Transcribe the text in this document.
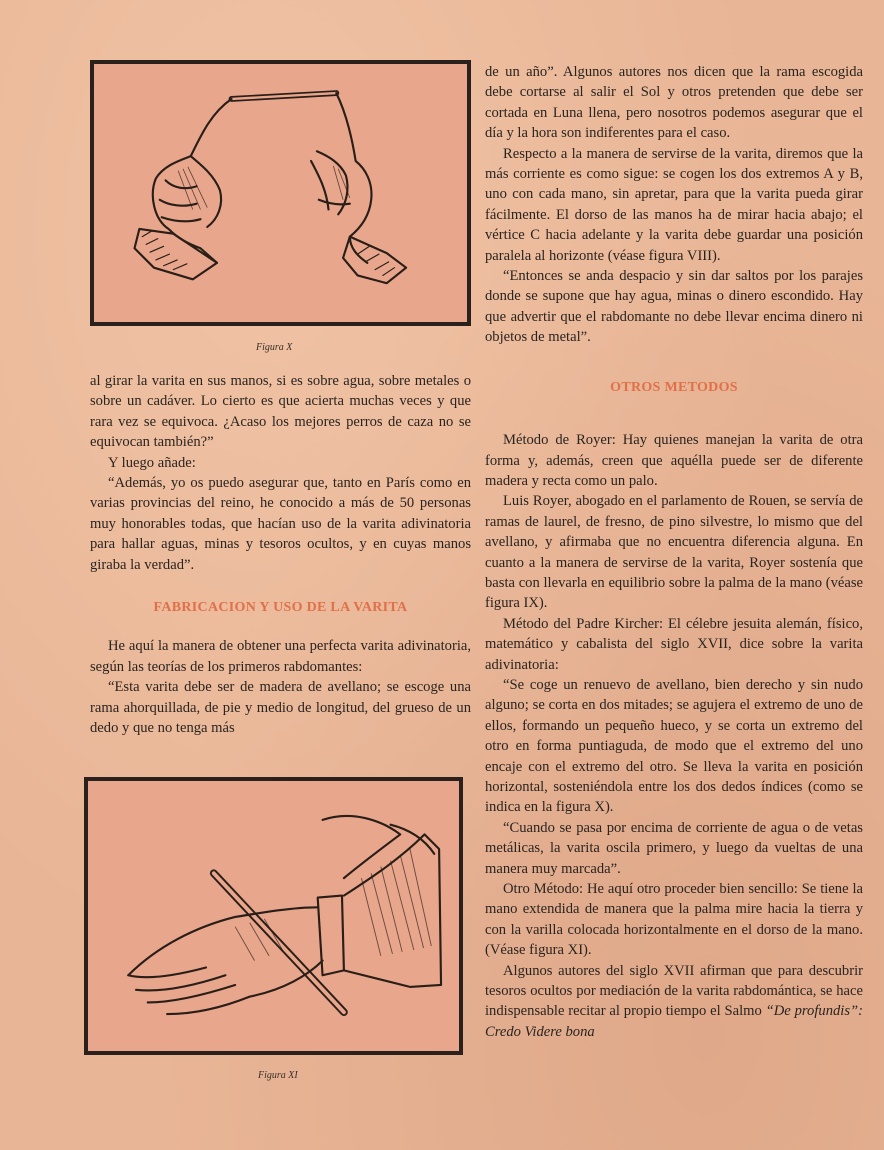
Figura X
Figura XI

al girar la varita en sus manos, si es sobre agua, sobre metales o sobre un cadáver. Lo cierto es que acierta muchas veces y que rara vez se equivoca. ¿Acaso los mejores perros de caza no se equivocan también?”

Y luego añade:

“Además, yo os puedo asegurar que, tanto en París como en varias provincias del reino, he conocido a más de 50 personas muy honorables todas, que hacían uso de la varita adivinatoria para hallar aguas, minas y tesoros ocultos, y en cuyas manos giraba la verdad”.

FABRICACION Y USO DE LA VARITA

He aquí la manera de obtener una perfecta varita adivinatoria, según las teorías de los primeros rabdomantes:

“Esta varita debe ser de madera de avellano; se escoge una rama ahorquillada, de pie y medio de longitud, del grueso de un dedo y que no tenga más

de un año”. Algunos autores nos dicen que la rama escogida debe cortarse al salir el Sol y otros pretenden que debe ser cortada en Luna llena, pero nosotros podemos asegurar que el día y la hora son indiferentes para el caso.

Respecto a la manera de servirse de la varita, diremos que la más corriente es como sigue: se cogen los dos extremos A y B, uno con cada mano, sin apretar, para que la varita pueda girar fácilmente. El dorso de las manos ha de mirar hacia abajo; el vértice C hacia adelante y la varita debe guardar una posición paralela al horizonte (véase figura VIII).

“Entonces se anda despacio y sin dar saltos por los parajes donde se supone que hay agua, minas o dinero escondido. Hay que advertir que el rabdomante no debe llevar encima dinero ni objetos de metal”.

OTROS METODOS

Método de Royer: Hay quienes manejan la varita de otra forma y, además, creen que aquélla puede ser de diferente madera y recta como un palo.

Luis Royer, abogado en el parlamento de Rouen, se servía de ramas de laurel, de fresno, de pino silvestre, lo mismo que del avellano, y afirmaba que no encuentra diferencia alguna. En cuanto a la manera de servirse de la varita, Royer sostenía que basta con llevarla en equilibrio sobre la palma de la mano (véase figura IX).

Método del Padre Kircher: El célebre jesuita alemán, físico, matemático y cabalista del siglo XVII, dice sobre la varita adivinatoria:

“Se coge un renuevo de avellano, bien derecho y sin nudo alguno; se corta en dos mitades; se agujera el extremo de uno de ellos, formando un pequeño hueco, y se corta un extremo del otro en forma puntiaguda, de modo que el extremo del uno encaje con el extremo del otro. Se lleva la varita en posición horizontal, sosteniéndola entre los dos dedos índices (como se indica en la figura X).

“Cuando se pasa por encima de corriente de agua o de vetas metálicas, la varita oscila primero, y luego da vueltas de una manera muy marcada”.

Otro Método: He aquí otro proceder bien sencillo: Se tiene la mano extendida de manera que la palma mire hacia la tierra y con la varilla colocada horizontalmente en el dorso de la mano. (Véase figura XI).

Algunos autores del siglo XVII afirman que para descubrir tesoros ocultos por mediación de la varita rabdomántica, se hace indispensable recitar al propio tiempo el Salmo “De profundis”: Credo Videre bona
